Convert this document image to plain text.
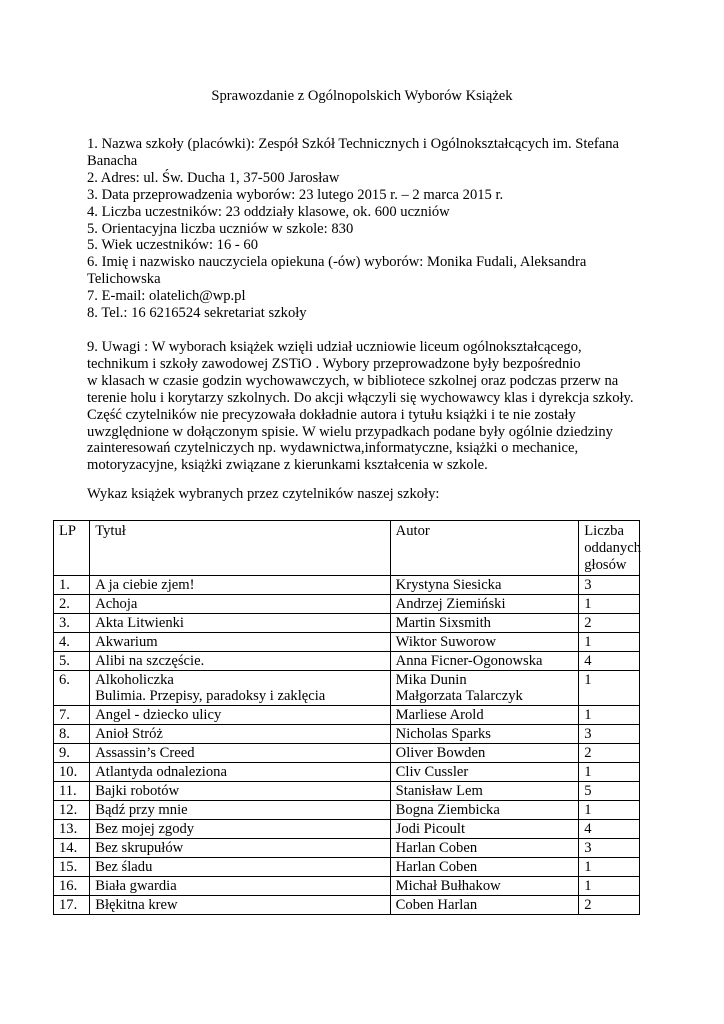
Sprawozdanie z Ogólnopolskich Wyborów Książek
1. Nazwa szkoły (placówki): Zespół Szkół Technicznych i Ogólnokształcących im. Stefana
Banacha
2. Adres: ul. Św. Ducha 1, 37-500 Jarosław
3. Data przeprowadzenia wyborów: 23 lutego 2015 r. – 2 marca 2015 r.
4. Liczba uczestników: 23 oddziały klasowe, ok. 600 uczniów
5. Orientacyjna liczba uczniów w szkole: 830
5. Wiek uczestników: 16 - 60
6. Imię i nazwisko nauczyciela opiekuna (-ów) wyborów: Monika Fudali, Aleksandra
Telichowska
7. E-mail: olatelich@wp.pl
8. Tel.: 16 6216524 sekretariat szkoły
9. Uwagi : W wyborach książek wzięli udział uczniowie liceum ogólnokształcącego,
technikum i szkoły zawodowej ZSTiO . Wybory przeprowadzone były bezpośrednio
w klasach w czasie godzin wychowawczych, w bibliotece szkolnej oraz podczas przerw na
terenie holu i korytarzy szkolnych. Do akcji włączyli się wychowawcy klas i dyrekcja szkoły.
Część czytelników nie precyzowała dokładnie autora i tytułu książki i te nie zostały
uwzględnione w dołączonym spisie. W wielu przypadkach podane były ogólnie dziedziny
zainteresowań czytelniczych np. wydawnictwa,informatyczne, książki o mechanice,
motoryzacyjne, książki związane z kierunkami kształcenia w szkole.
Wykaz książek wybranych przez czytelników naszej szkoły:
LP	Tytuł	Autor	Liczba
oddanych
głosów

1.	A ja ciebie zjem!	Krystyna Siesicka	3
2.	Achoja	Andrzej Ziemiński	1
3.	Akta Litwienki	Martin Sixsmith	2
4.	Akwarium	Wiktor Suworow	1
5.	Alibi na szczęście.	Anna Ficner-Ogonowska	4
6.	Alkoholiczka
Bulimia. Przepisy, paradoksy i zaklęcia	Mika Dunin
Małgorzata Talarczyk	1
7.	Angel - dziecko ulicy	Marliese Arold	1
8.	Anioł Stróż	Nicholas Sparks	3
9.	Assassin’s Creed	Oliver Bowden	2
10.	Atlantyda odnaleziona	Cliv Cussler	1
11.	Bajki robotów	Stanisław Lem	5
12.	Bądź przy mnie	Bogna Ziembicka	1
13.	Bez mojej zgody	Jodi Picoult	4
14.	Bez skrupułów	Harlan Coben	3
15.	Bez śladu	Harlan Coben	1
16.	Biała gwardia	Michał Bułhakow	1
17.	Błękitna krew	Coben Harlan	2
